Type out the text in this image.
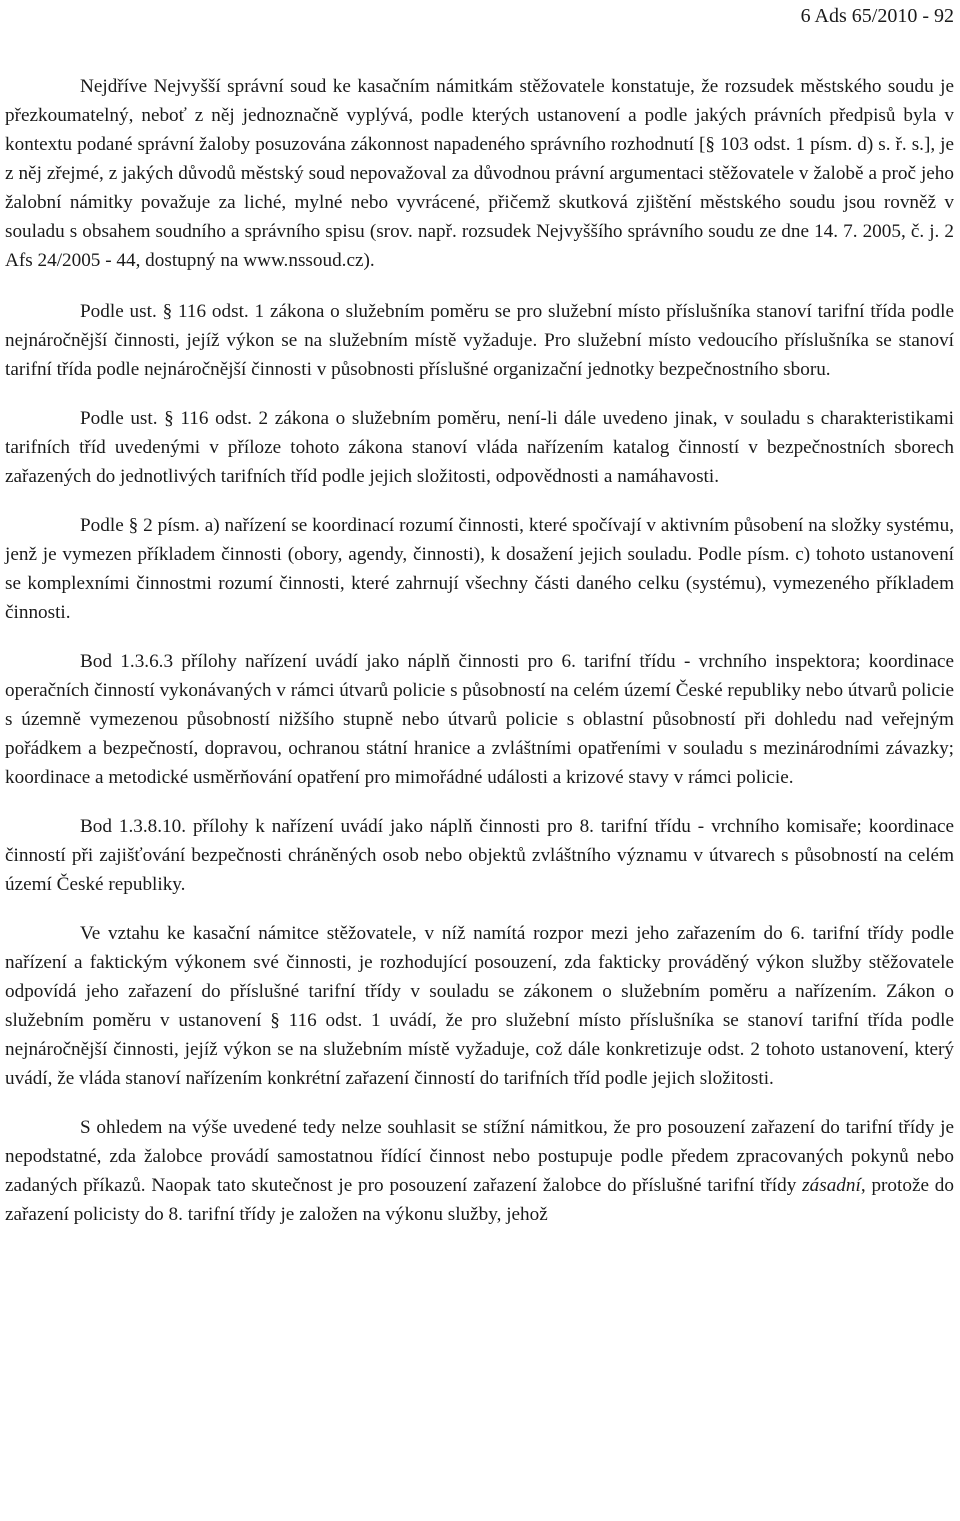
6 Ads 65/2010 - 92

Nejdříve Nejvyšší správní soud ke kasačním námitkám stěžovatele konstatuje, že rozsudek městského soudu je přezkoumatelný, neboť z něj jednoznačně vyplývá, podle kterých ustanovení a podle jakých právních předpisů byla v kontextu podané správní žaloby posuzována zákonnost napadeného správního rozhodnutí [§ 103 odst. 1 písm. d) s. ř. s.], je z něj zřejmé, z jakých důvodů městský soud nepovažoval za důvodnou právní argumentaci stěžovatele v žalobě a proč jeho žalobní námitky považuje za liché, mylné nebo vyvrácené, přičemž skutková zjištění městského soudu jsou rovněž v souladu s obsahem soudního a správního spisu (srov. např. rozsudek Nejvyššího správního soudu ze dne 14. 7. 2005, č. j. 2 Afs 24/2005 - 44, dostupný na www.nssoud.cz).

Podle ust. § 116 odst. 1 zákona o služebním poměru se pro služební místo příslušníka stanoví tarifní třída podle nejnáročnější činnosti, jejíž výkon se na služebním místě vyžaduje. Pro služební místo vedoucího příslušníka se stanoví tarifní třída podle nejnáročnější činnosti v působnosti příslušné organizační jednotky bezpečnostního sboru.

Podle ust. § 116 odst. 2 zákona o služebním poměru, není-li dále uvedeno jinak, v souladu s charakteristikami tarifních tříd uvedenými v příloze tohoto zákona stanoví vláda nařízením katalog činností v bezpečnostních sborech zařazených do jednotlivých tarifních tříd podle jejich složitosti, odpovědnosti a namáhavosti.

Podle § 2 písm. a) nařízení se koordinací rozumí činnosti, které spočívají v aktivním působení na složky systému, jenž je vymezen příkladem činnosti (obory, agendy, činnosti), k dosažení jejich souladu. Podle písm. c) tohoto ustanovení se komplexními činnostmi rozumí činnosti, které zahrnují všechny části daného celku (systému), vymezeného příkladem činnosti.

Bod 1.3.6.3 přílohy nařízení uvádí jako náplň činnosti pro 6. tarifní třídu - vrchního inspektora; koordinace operačních činností vykonávaných v rámci útvarů policie s působností na celém území České republiky nebo útvarů policie s územně vymezenou působností nižšího stupně nebo útvarů policie s oblastní působností při dohledu nad veřejným pořádkem a bezpečností, dopravou, ochranou státní hranice a zvláštními opatřeními v souladu s mezinárodními závazky; koordinace a metodické usměrňování opatření pro mimořádné události a krizové stavy v rámci policie.

Bod 1.3.8.10. přílohy k nařízení uvádí jako náplň činnosti pro 8. tarifní třídu - vrchního komisaře; koordinace činností při zajišťování bezpečnosti chráněných osob nebo objektů zvláštního významu v útvarech s působností na celém území České republiky.

Ve vztahu ke kasační námitce stěžovatele, v níž namítá rozpor mezi jeho zařazením do 6. tarifní třídy podle nařízení a faktickým výkonem své činnosti, je rozhodující posouzení, zda fakticky prováděný výkon služby stěžovatele odpovídá jeho zařazení do příslušné tarifní třídy v souladu se zákonem o služebním poměru a nařízením. Zákon o služebním poměru v ustanovení § 116 odst. 1 uvádí, že pro služební místo příslušníka se stanoví tarifní třída podle nejnáročnější činnosti, jejíž výkon se na služebním místě vyžaduje, což dále konkretizuje odst. 2 tohoto ustanovení, který uvádí, že vláda stanoví nařízením konkrétní zařazení činností do tarifních tříd podle jejich složitosti.

S ohledem na výše uvedené tedy nelze souhlasit se stížní námitkou, že pro posouzení zařazení do tarifní třídy je nepodstatné, zda žalobce provádí samostatnou řídící činnost nebo postupuje podle předem zpracovaných pokynů nebo zadaných příkazů. Naopak tato skutečnost je pro posouzení zařazení žalobce do příslušné tarifní třídy zásadní, protože do zařazení policisty do 8. tarifní třídy je založen na výkonu služby, jehož
